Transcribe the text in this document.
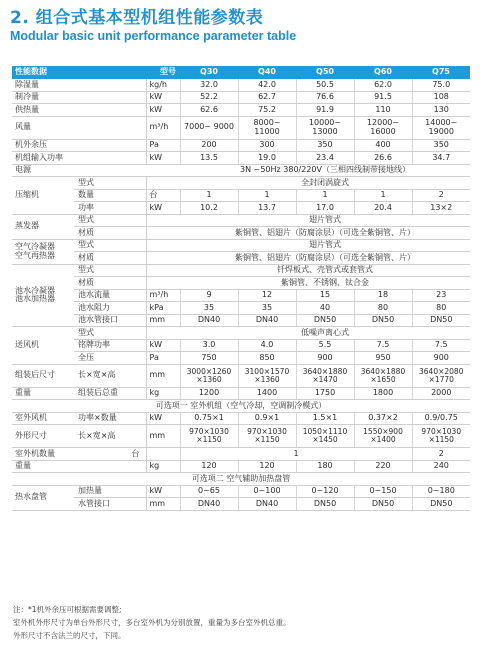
2. 组合式基本型机组性能参数表
Modular basic unit performance parameter table
性能数据	型号		Q30	Q40	Q50	Q60	Q75
除湿量		kg/h	32.0	42.0	50.5	62.0	75.0
制冷量		kW	52.2	62.7	76.6	91.5	108
供热量		kW	62.6	75.2	91.9	110	130
风量		m³/h	7000~ 9000	8000~ 11000	10000~ 13000	12000~ 16000	14000~ 19000
机外余压		Pa	200	300	350	400	350
机组输入功率		kW	13.5	19.0	23.4	26.6	34.7
电源			3N ~50Hz 380/220V（三相四线制带接地线）				
压缩机	型式		全封闭涡旋式				
	数量	台	1	1	1	1	2
	功率	kW	10.2	13.7	17.0	20.4	13×2
蒸发器	型式		翅片管式				
	材质		紫铜管、铝翅片（防腐涂层）（可选全紫铜管、片）				

空气冷凝器
空气再热器	型式		翅片管式				
	材质		紫铜管、铝翅片（防腐涂层）（可选全紫铜管、片）				

池水冷凝器
池水加热器	型式		钎焊板式、壳管式或套管式				
	材质		紫铜管、不锈钢、钛合金				
	池水流量	m³/h	9	12	15	18	23
	池水阻力	kPa	35	35	40	80	80
	池水管接口	mm	DN40	DN40	DN50	DN50	DN50
送风机	型式		低噪声离心式				
	铭牌功率	kW	3.0	4.0	5.5	7.5	7.5
	全压	Pa	750	850	900	950	900
组装后尺寸	长×宽×高	mm	3000×1260 ×1360	3100×1570 ×1360	3640×1880 ×1470	3640×1880 ×1650	3640×2080 ×1770
重量	组装后总重	kg	1200	1400	1750	1800	2000
可选项一 室外机组（空气冷却，空调制冷模式）							
室外风机	功率×数量	kW	0.75×1	0.9×1	1.5×1	0.37×2	0.9/0.75
外形尺寸	长×宽×高	mm	970×1030 ×1150	970×1030 ×1150	1050×1110 ×1450	1550×900 ×1400	970×1030 ×1150
室外机数量	台		1				2
重量		kg	120	120	180	220	240
可选项二 空气辅助加热盘管							
热水盘管	加热量	kW	0~65	0~100	0~120	0~150	0~180
	水管接口	mm	DN40	DN40	DN50	DN50	DN50
注：*1机外余压可根据需要调整;
室外机外形尺寸为单台外形尺寸，多台室外机为分别放置，重量为多台室外机总重。
外形尺寸不含法兰的尺寸，下同。
